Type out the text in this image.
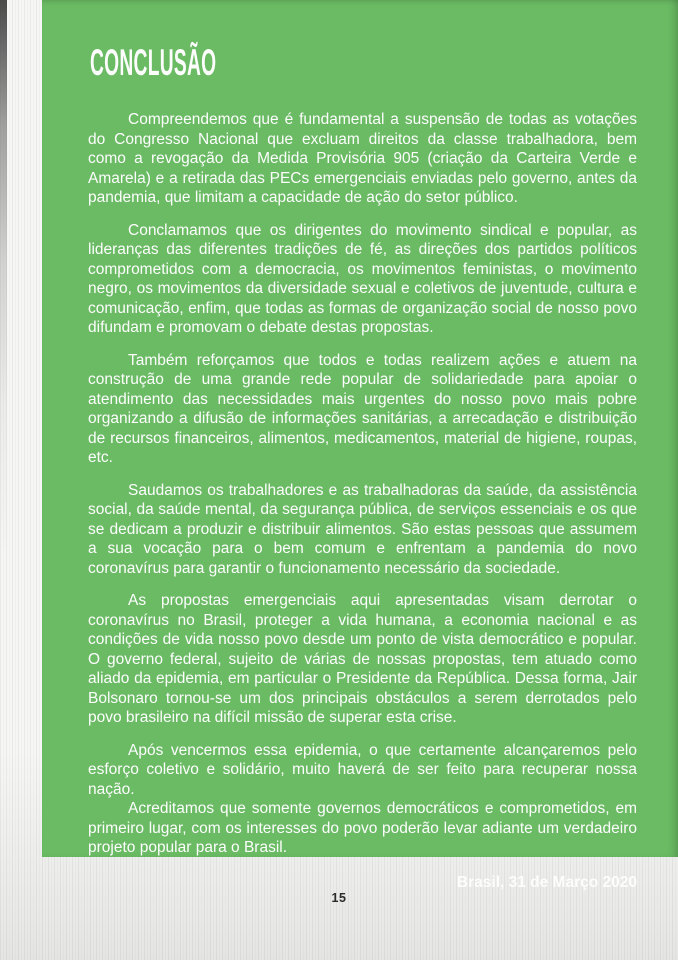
CONCLUSÃO

Compreendemos que é fundamental a suspensão de todas as votações do Congresso Nacional que excluam direitos da classe trabalhadora, bem como a revogação da Medida Provisória 905 (criação da Carteira Verde e Amarela) e a retirada das PECs emergenciais enviadas pelo governo, antes da pandemia, que limitam a capacidade de ação do setor público.

Conclamamos que os dirigentes do movimento sindical e popular, as lideranças das diferentes tradições de fé, as direções dos partidos políticos comprometidos com a democracia, os movimentos feministas, o movimento negro, os movimentos da diversidade sexual e coletivos de juventude, cultura e comunicação, enfim, que todas as formas de organização social de nosso povo difundam e promovam o debate destas propostas.

Também reforçamos que todos e todas realizem ações e atuem na construção de uma grande rede popular de solidariedade para apoiar o atendimento das necessidades mais urgentes do nosso povo mais pobre organizando a difusão de informações sanitárias, a arrecadação e distribuição de recursos financeiros, alimentos, medicamentos, material de higiene, roupas, etc.

Saudamos os trabalhadores e as trabalhadoras da saúde, da assistência social, da saúde mental, da segurança pública, de serviços essenciais e os que se dedicam a produzir e distribuir alimentos. São estas pessoas que assumem a sua vocação para o bem comum e enfrentam a pandemia do novo coronavírus para garantir o funcionamento necessário da sociedade.

As propostas emergenciais aqui apresentadas visam derrotar o coronavírus no Brasil, proteger a vida humana, a economia nacional e as condições de vida nosso povo desde um ponto de vista democrático e popular. O governo federal, sujeito de várias de nossas propostas, tem atuado como aliado da epidemia, em particular o Presidente da República. Dessa forma, Jair Bolsonaro tornou-se um dos principais obstáculos a serem derrotados pelo povo brasileiro na difícil missão de superar esta crise.

Após vencermos essa epidemia, o que certamente alcançaremos pelo esforço coletivo e solidário, muito haverá de ser feito para recuperar nossa nação.

Acreditamos que somente governos democráticos e comprometidos, em primeiro lugar, com os interesses do povo poderão levar adiante um verdadeiro projeto popular para o Brasil.

Brasil, 31 de Março 2020
15
